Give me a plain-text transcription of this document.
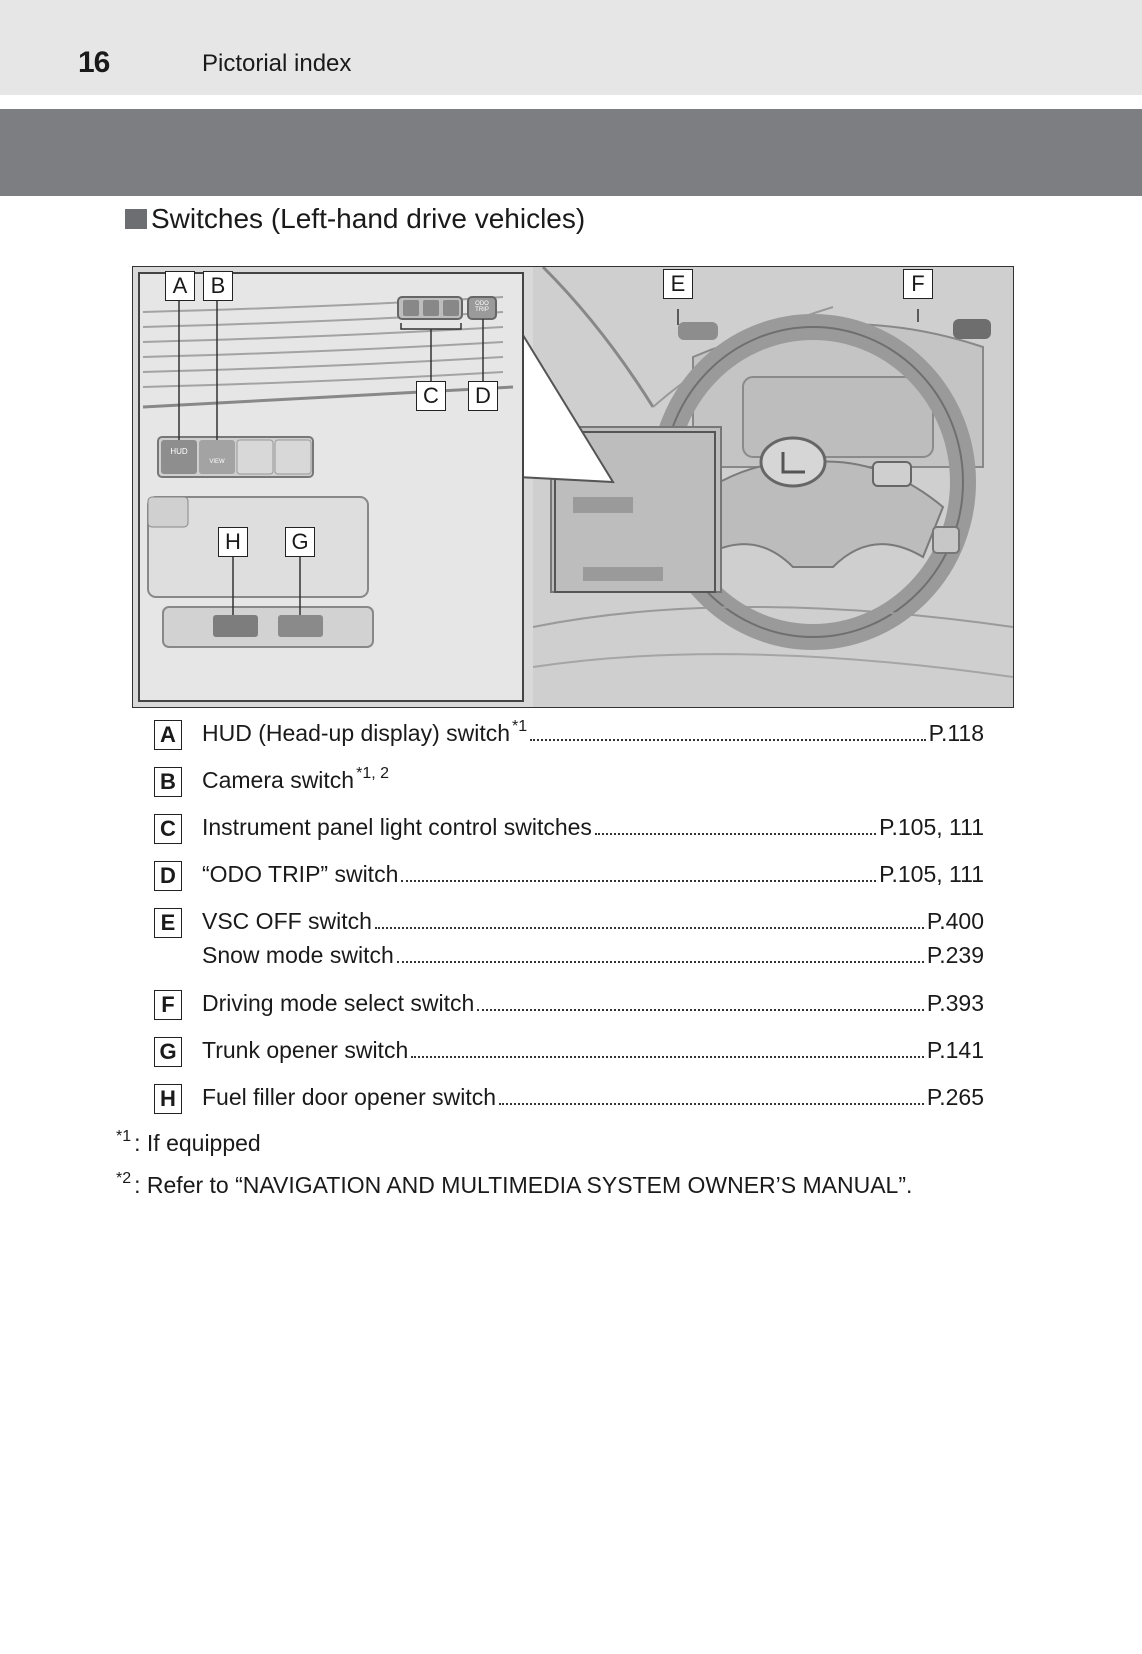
16	Pictorial index
Switches (Left-hand drive vehicles)
HUD
VIEW
ODO TRIP
A	B
C	D
E	F
H	G
A HUD (Head-up display) switch *1	P.118
B Camera switch *1, 2
C Instrument panel light control switches	P.105, 111
D “ODO TRIP” switch	P.105, 111
E VSC OFF switch	P.400
Snow mode switch	P.239
F	Driving mode select switch	P.393
G Trunk opener switch	P.141
H Fuel filler door opener switch	P.265
$^{*1}$ : If equipped
$^{*2}$ : Refer to “NAVIGATION AND MULTIMEDIA SYSTEM OWNER’S MANUAL”.
